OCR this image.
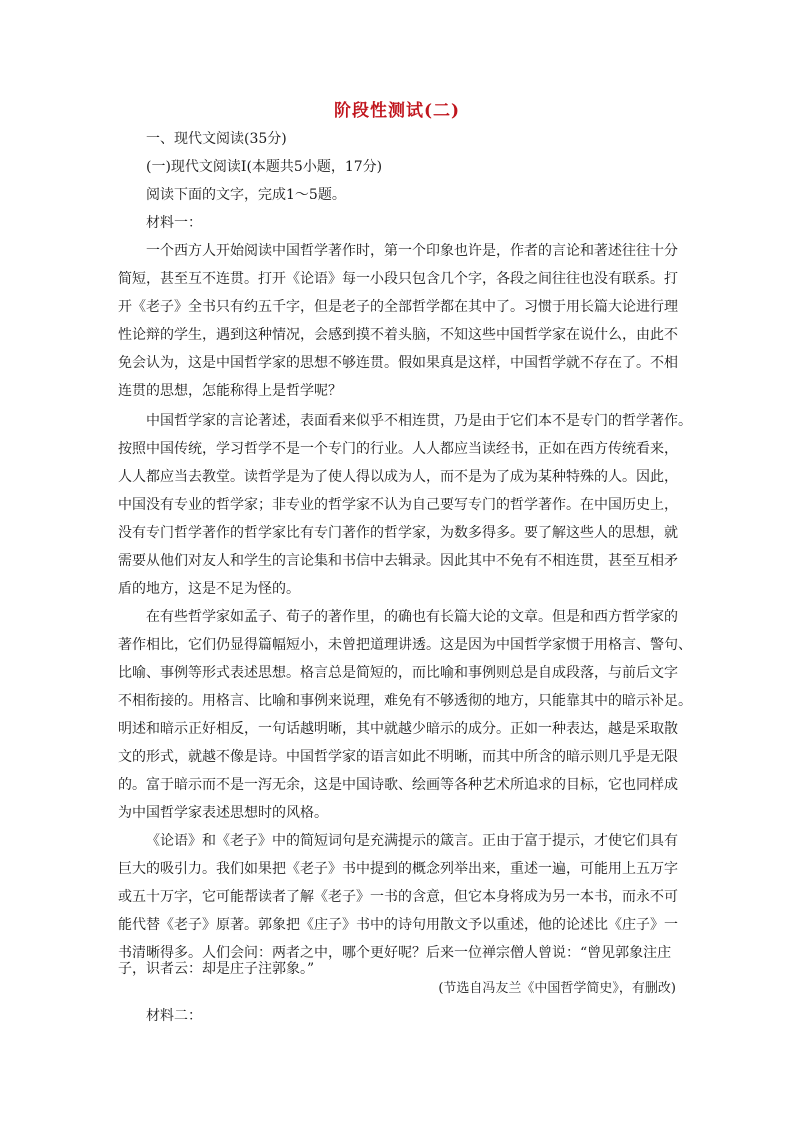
阶段性测试(二)
一、现代文阅读(35分)
(一)现代文阅读Ⅰ(本题共5小题，17分)
阅读下面的文字，完成1～5题。
材料一：
一个西方人开始阅读中国哲学著作时，第一个印象也许是，作者的言论和著述往往十分
简短，甚至互不连贯。打开《论语》每一小段只包含几个字，各段之间往往也没有联系。打
开《老子》全书只有约五千字，但是老子的全部哲学都在其中了。习惯于用长篇大论进行理
性论辩的学生，遇到这种情况，会感到摸不着头脑，不知这些中国哲学家在说什么，由此不
免会认为，这是中国哲学家的思想不够连贯。假如果真是这样，中国哲学就不存在了。不相
连贯的思想，怎能称得上是哲学呢？
中国哲学家的言论著述，表面看来似乎不相连贯，乃是由于它们本不是专门的哲学著作。
按照中国传统，学习哲学不是一个专门的行业。人人都应当读经书，正如在西方传统看来，
人人都应当去教堂。读哲学是为了使人得以成为人，而不是为了成为某种特殊的人。因此，
中国没有专业的哲学家；非专业的哲学家不认为自己要写专门的哲学著作。在中国历史上，
没有专门哲学著作的哲学家比有专门著作的哲学家，为数多得多。要了解这些人的思想，就
需要从他们对友人和学生的言论集和书信中去辑录。因此其中不免有不相连贯，甚至互相矛
盾的地方，这是不足为怪的。
在有些哲学家如孟子、荀子的著作里，的确也有长篇大论的文章。但是和西方哲学家的
著作相比，它们仍显得篇幅短小，未曾把道理讲透。这是因为中国哲学家惯于用格言、警句、
比喻、事例等形式表述思想。格言总是简短的，而比喻和事例则总是自成段落，与前后文字
不相衔接的。用格言、比喻和事例来说理，难免有不够透彻的地方，只能靠其中的暗示补足。
明述和暗示正好相反，一句话越明晰，其中就越少暗示的成分。正如一种表达，越是采取散
文的形式，就越不像是诗。中国哲学家的语言如此不明晰，而其中所含的暗示则几乎是无限
的。富于暗示而不是一泻无余，这是中国诗歌、绘画等各种艺术所追求的目标，它也同样成
为中国哲学家表述思想时的风格。
《论语》和《老子》中的简短词句是充满提示的箴言。正由于富于提示，才使它们具有
巨大的吸引力。我们如果把《老子》书中提到的概念列举出来，重述一遍，可能用上五万字
或五十万字，它可能帮读者了解《老子》一书的含意，但它本身将成为另一本书，而永不可
能代替《老子》原著。郭象把《庄子》书中的诗句用散文予以重述，他的论述比《庄子》一
书清晰得多。人们会问：两者之中，哪个更好呢？后来一位禅宗僧人曾说：“曾见郭象注庄
子，识者云：却是庄子注郭象。”
(节选自冯友兰《中国哲学简史》，有删改)
材料二：
